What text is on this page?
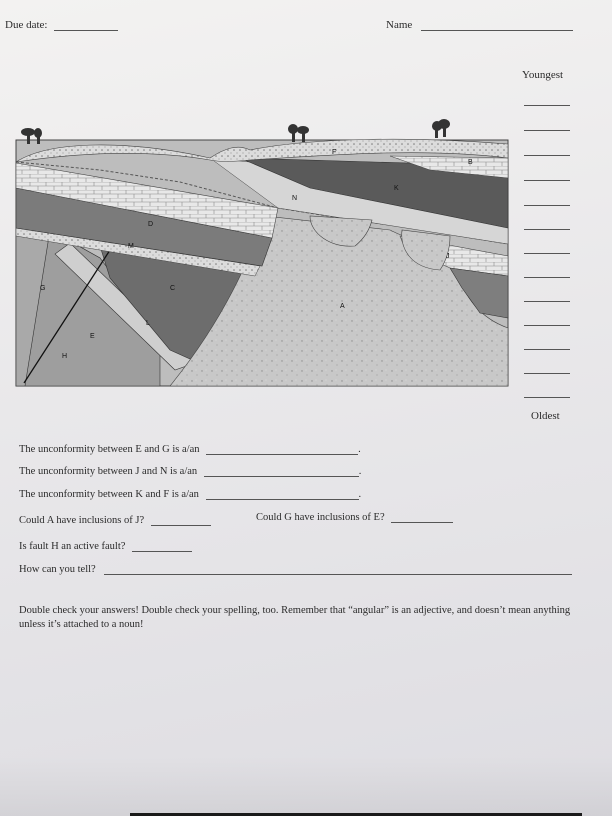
Due date:	Name
B
F
K
N
D
M
J
C
G
A
L
E
H
Youngest
Oldest
The unconformity between E and G is a/an	.
The unconformity between J and N is a/an	.
The unconformity between K and F is a/an	.
Could A have inclusions of J?	Could G have inclusions of E?
Is fault H an active fault?
How can you tell?
Double check your answers! Double check your spelling, too. Remember that “angular” is an adjective, and doesn’t mean anything unless it’s attached to a noun!
